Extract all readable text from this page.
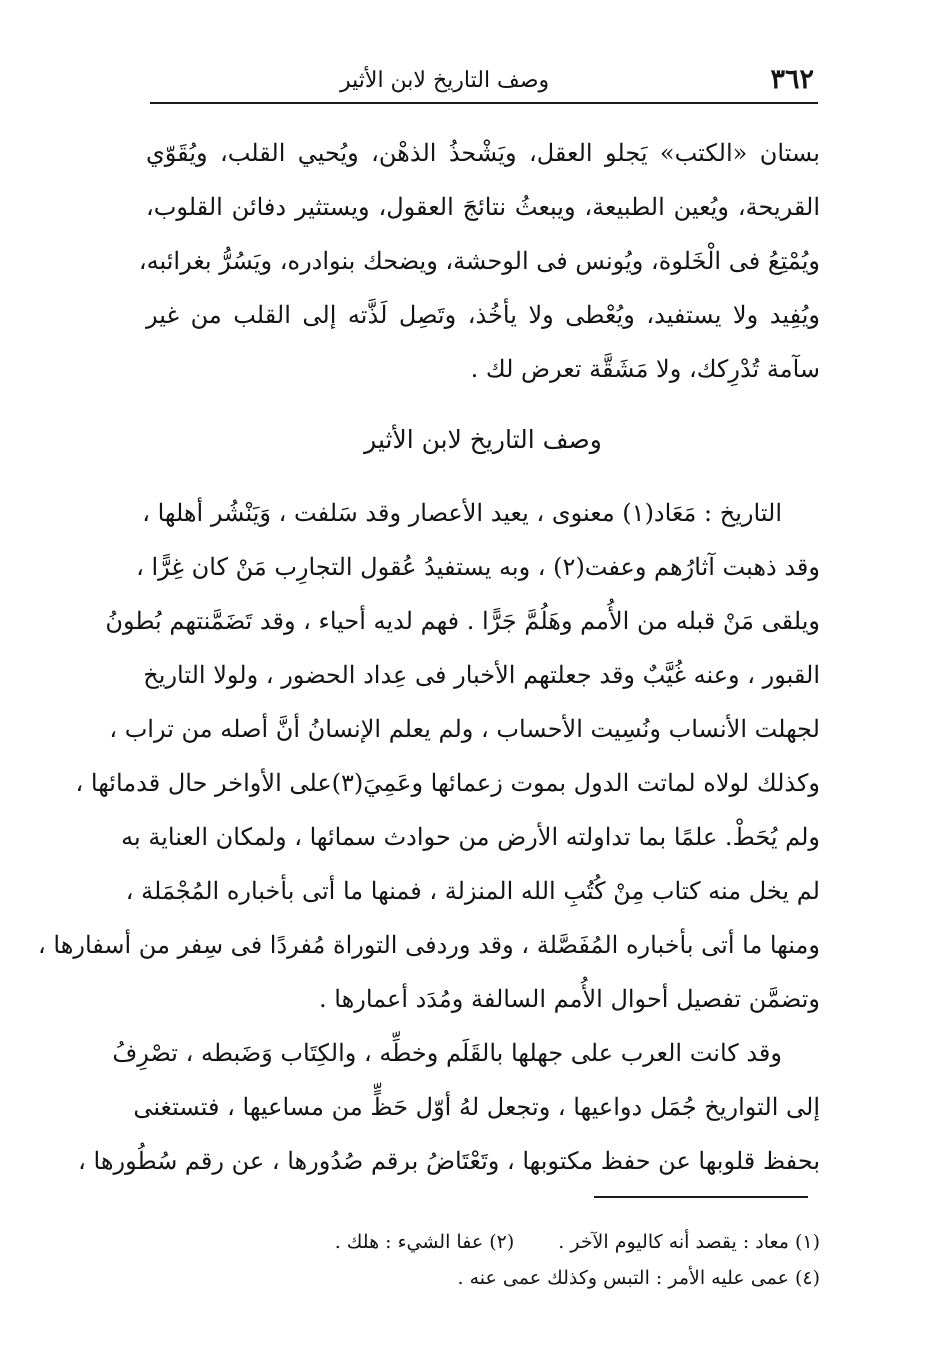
٣٦٢
وصف التاريخ لابن الأثير
بستان «الكتب» يَجلو العقل، ويَشْحذُ الذهْن، ويُحيي القلب، ويُقَوّي
القريحة، ويُعين الطبيعة، ويبعثُ نتائجَ العقول، ويستثير دفائن القلوب،
ويُمْتِعُ فى الْخَلوة، ويُونس فى الوحشة، ويضحك بنوادره، ويَسُرُّ بغرائبه،
ويُفِيد ولا يستفيد، ويُعْطى ولا يأخُذ، وتَصِل لَذَّته إلى القلب من غير
سآمة تُدْرِكك، ولا مَشَقَّة تعرض لك .
وصف التاريخ لابن الأثير
التاريخ : مَعَاد(١) معنوى ، يعيد الأعصار وقد سَلفت ، وَيَنْشُر أهلها ،
وقد ذهبت آثارُهم وعفت(٢) ، وبه يستفيدُ عُقول التجارِب مَنْ كان غِرًّا ،
ويلقى مَنْ قبله من الأُمم وهَلُمَّ جَرًّا . فهم لديه أحياء ، وقد تَضَمَّنتهم بُطونُ
القبور ، وعنه غُيَّبٌ وقد جعلتهم الأخبار فى عِداد الحضور ، ولولا التاريخ
لجهلت الأنساب ونُسِيت الأحساب ، ولم يعلم الإنسانُ أنَّ أصله من تراب ،
وكذلك لولاه لماتت الدول بموت زعمائها وعَمِيَ(٣)على الأواخر حال قدمائها ،
ولم يُحَطْ. علمًا بما تداولته الأرض من حوادث سمائها ، ولمكان العناية به
لم يخل منه كتاب مِنْ كُتُبِ الله المنزلة ، فمنها ما أتى بأخباره المُجْمَلة ،
ومنها ما أتى بأخباره المُفَصَّلة ، وقد وردفى التوراة مُفردًا فى سِفر من أسفارها ،
وتضمَّن تفصيل أحوال الأُمم السالفة ومُدَد أعمارها .
وقد كانت العرب على جهلها بالقَلَم وخطِّه ، والكِتَاب وَضَبطه ، تصْرِفُ
إلى التواريخ جُمَل دواعيها ، وتجعل لهُ أوّل حَظٍّ من مساعيها ، فتستغنى
بحفظ قلوبها عن حفظ مكتوبها ، وتَعْتَاضُ برقم صُدُورها ، عن رقم سُطُورها ،
(١) معاد : يقصد أنه كاليوم الآخر .(٢) عفا الشيء : هلك .
(٤) عمى عليه الأمر : التبس وكذلك عمى عنه .
